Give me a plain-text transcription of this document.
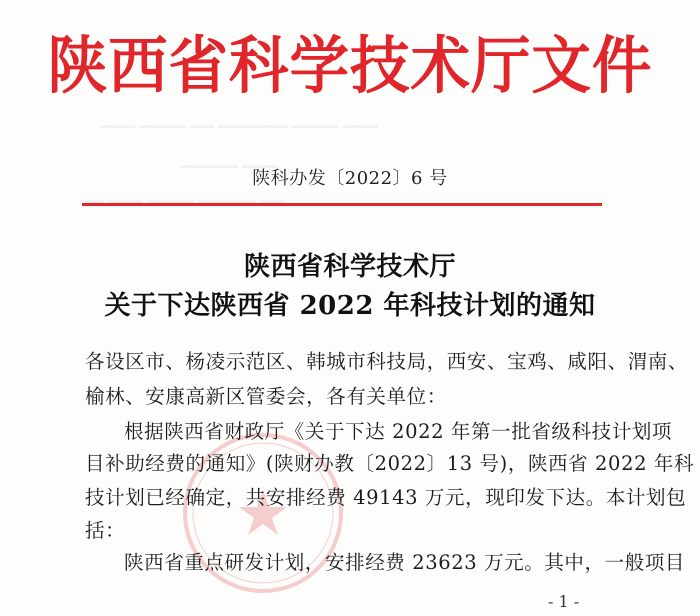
▁▁▁ ▁▁▁▁ ▁▁ ▁▁▁▁▁▁ ▁▁▁▁ ▁▁▁
▁▁▁▁▁ ▁▁▁
▁▁ ▁▁▁ ▁▁▁▁ ▁▁▁▁▁ ▁▁
陕西省科学技术厅文件
陕科办发〔2022〕6 号
陕西省科学技术厅
关于下达陕西省 2022 年科技计划的通知
各设区市、杨凌示范区、韩城市科技局，西安、宝鸡、咸阳、渭南、
榆林、安康高新区管委会，各有关单位：
根据陕西省财政厅《关于下达 2022 年第一批省级科技计划项
目补助经费的通知》(陕财办教〔2022〕13 号)，陕西省 2022 年科
技计划已经确定，共安排经费 49143 万元，现印发下达。本计划包
括：
陕西省重点研发计划，安排经费 23623 万元。其中，一般项目
- 1 -
